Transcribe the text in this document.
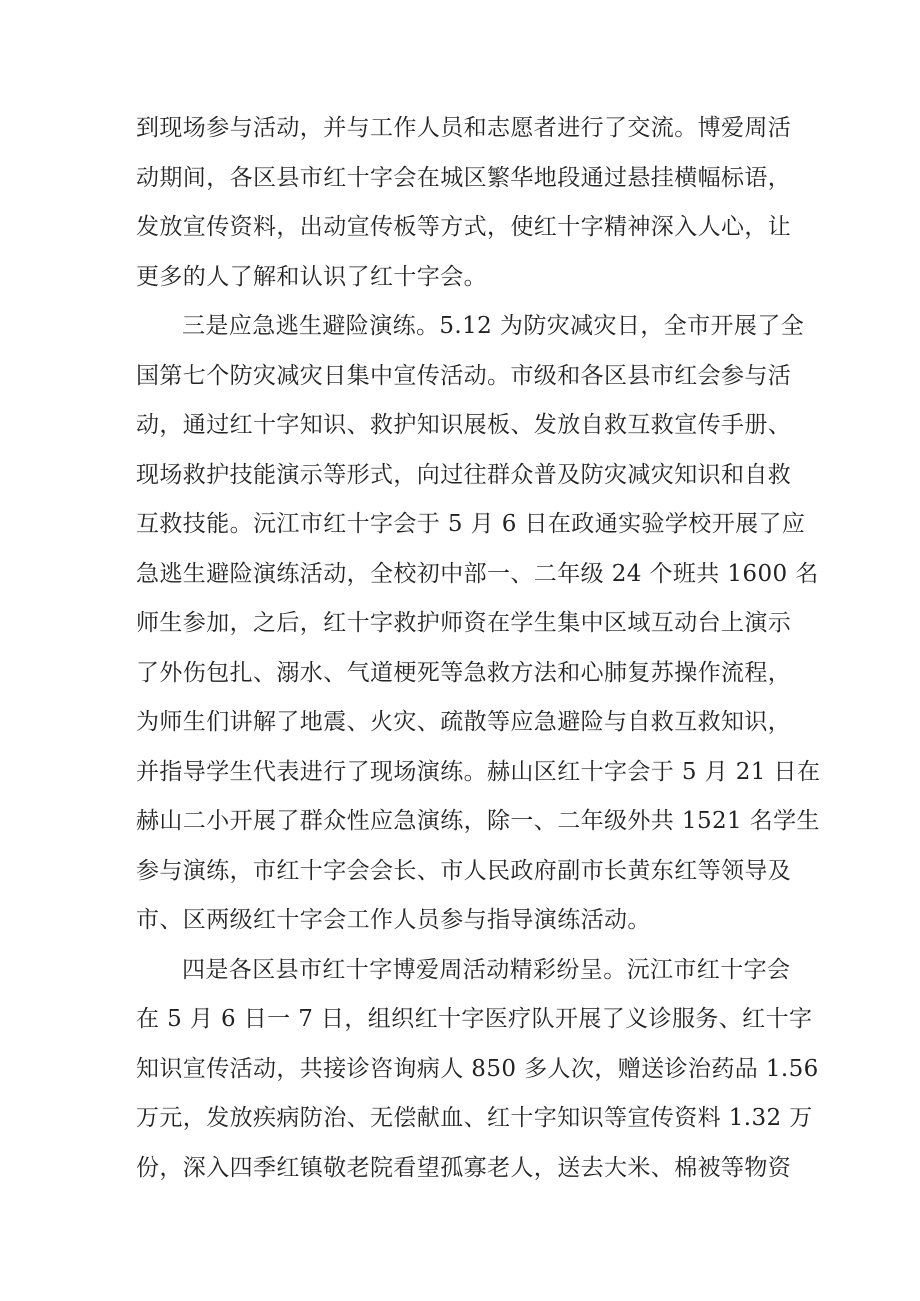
到现场参与活动，并与工作人员和志愿者进行了交流。博爱周活
动期间，各区县市红十字会在城区繁华地段通过悬挂横幅标语，
发放宣传资料，出动宣传板等方式，使红十字精神深入人心，让
更多的人了解和认识了红十字会。
三是应急逃生避险演练。5.12 为防灾减灾日，全市开展了全
国第七个防灾减灾日集中宣传活动。市级和各区县市红会参与活
动，通过红十字知识、救护知识展板、发放自救互救宣传手册、
现场救护技能演示等形式，向过往群众普及防灾减灾知识和自救
互救技能。沅江市红十字会于 5 月 6 日在政通实验学校开展了应
急逃生避险演练活动，全校初中部一、二年级 24 个班共 1600 名
师生参加，之后，红十字救护师资在学生集中区域互动台上演示
了外伤包扎、溺水、气道梗死等急救方法和心肺复苏操作流程，
为师生们讲解了地震、火灾、疏散等应急避险与自救互救知识，
并指导学生代表进行了现场演练。赫山区红十字会于 5 月 21 日在
赫山二小开展了群众性应急演练，除一、二年级外共 1521 名学生
参与演练，市红十字会会长、市人民政府副市长黄东红等领导及
市、区两级红十字会工作人员参与指导演练活动。
四是各区县市红十字博爱周活动精彩纷呈。沅江市红十字会
在 5 月 6 日一 7 日，组织红十字医疗队开展了义诊服务、红十字
知识宣传活动，共接诊咨询病人 850 多人次，赠送诊治药品 1.56
万元，发放疾病防治、无偿献血、红十字知识等宣传资料 1.32 万
份，深入四季红镇敬老院看望孤寡老人，送去大米、棉被等物资
